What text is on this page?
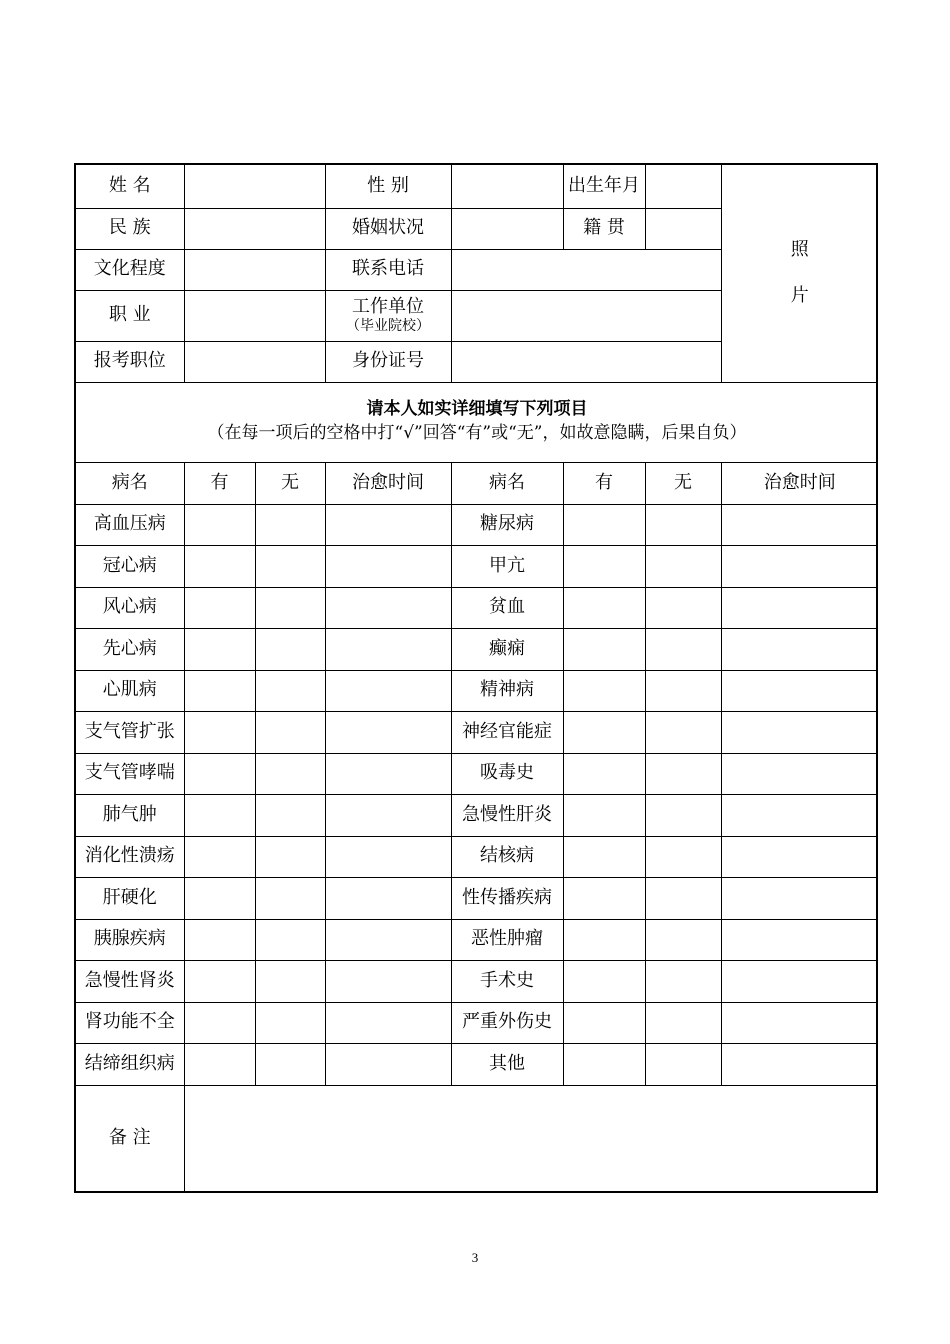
姓 名			性 别		出生年月		照
片

民 族			婚姻状况		籍 贯		
文化程度			联系电话				
职 业			工作单位
（毕业院校）				

报考职位			身份证号				

请本人如实详细填写下列项目
（在每一项后的空格中打“√”回答“有”或“无”，如故意隐瞒，后果自负）							

病名	有	无	治愈时间	病名	有	无	治愈时间
高血压病				糖尿病			
冠心病				甲亢			
风心病				贫血			
先心病				癫痫			
心肌病				精神病			
支气管扩张				神经官能症			
支气管哮喘				吸毒史			
肺气肿				急慢性肝炎			
消化性溃疡				结核病			
肝硬化				性传播疾病			
胰腺疾病				恶性肿瘤			
急慢性肾炎				手术史			
肾功能不全				严重外伤史			
结缔组织病				其他			
备 注							
3
